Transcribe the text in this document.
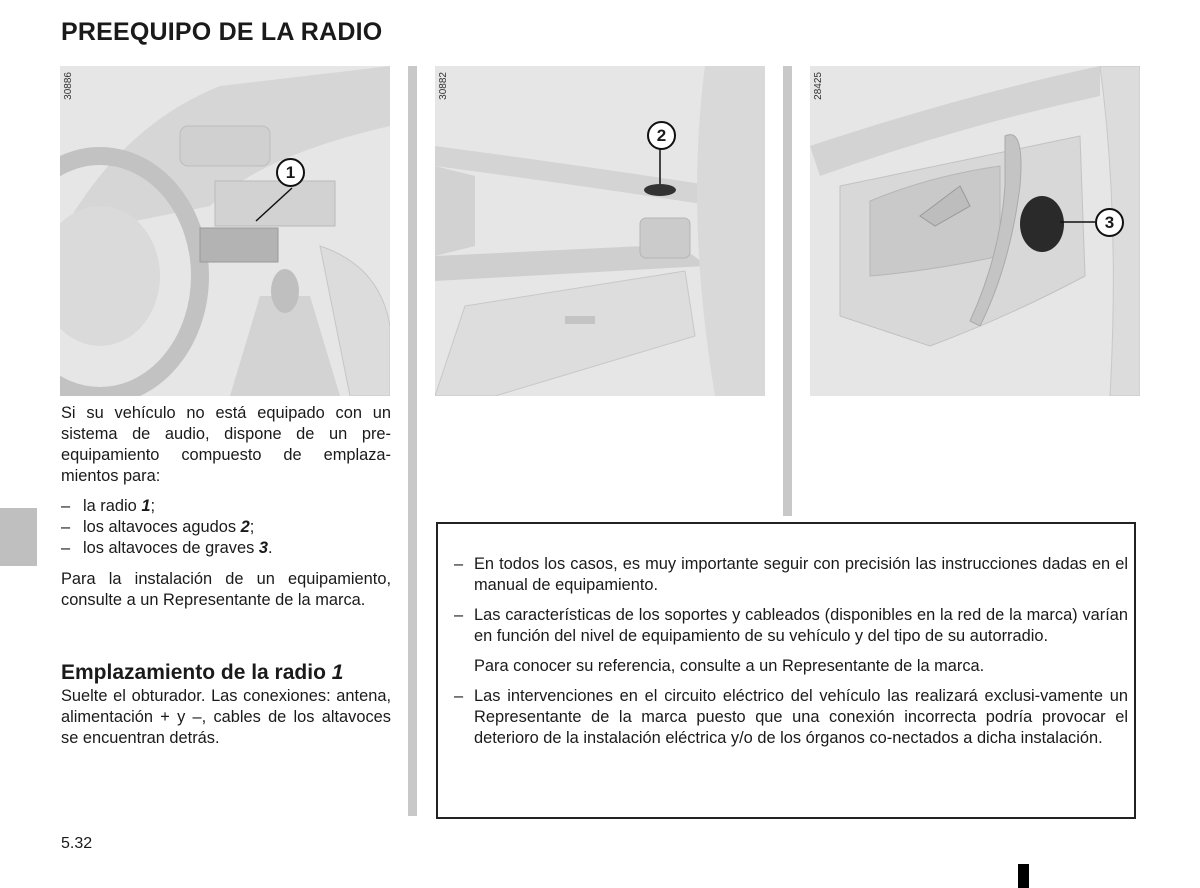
PREEQUIPO DE LA RADIO
30886
1
30882
2
28425
3

Si su vehículo no está equipado con un sistema de audio, dispone de un pre-equipamiento compuesto de emplaza-mientos para:

– la radio 1;
– los altavoces agudos 2;
– los altavoces de graves 3.

Para la instalación de un equipamiento, consulte a un Representante de la marca.

Emplazamiento de la radio 1

Suelte el obturador. Las conexiones: antena, alimentación + y –, cables de los altavoces se encuentran detrás.

– En todos los casos, es muy importante seguir con precisión las instrucciones dadas en el manual de equipamiento.
– Las características de los soportes y cableados (disponibles en la red de la marca) varían en función del nivel de equipamiento de su vehículo y del tipo de su autorradio.
Para conocer su referencia, consulte a un Representante de la marca.
– Las intervenciones en el circuito eléctrico del vehículo las realizará exclusi-vamente un Representante de la marca puesto que una conexión incorrecta podría provocar el deterioro de la instalación eléctrica y/o de los órganos co-nectados a dicha instalación.
5.32
